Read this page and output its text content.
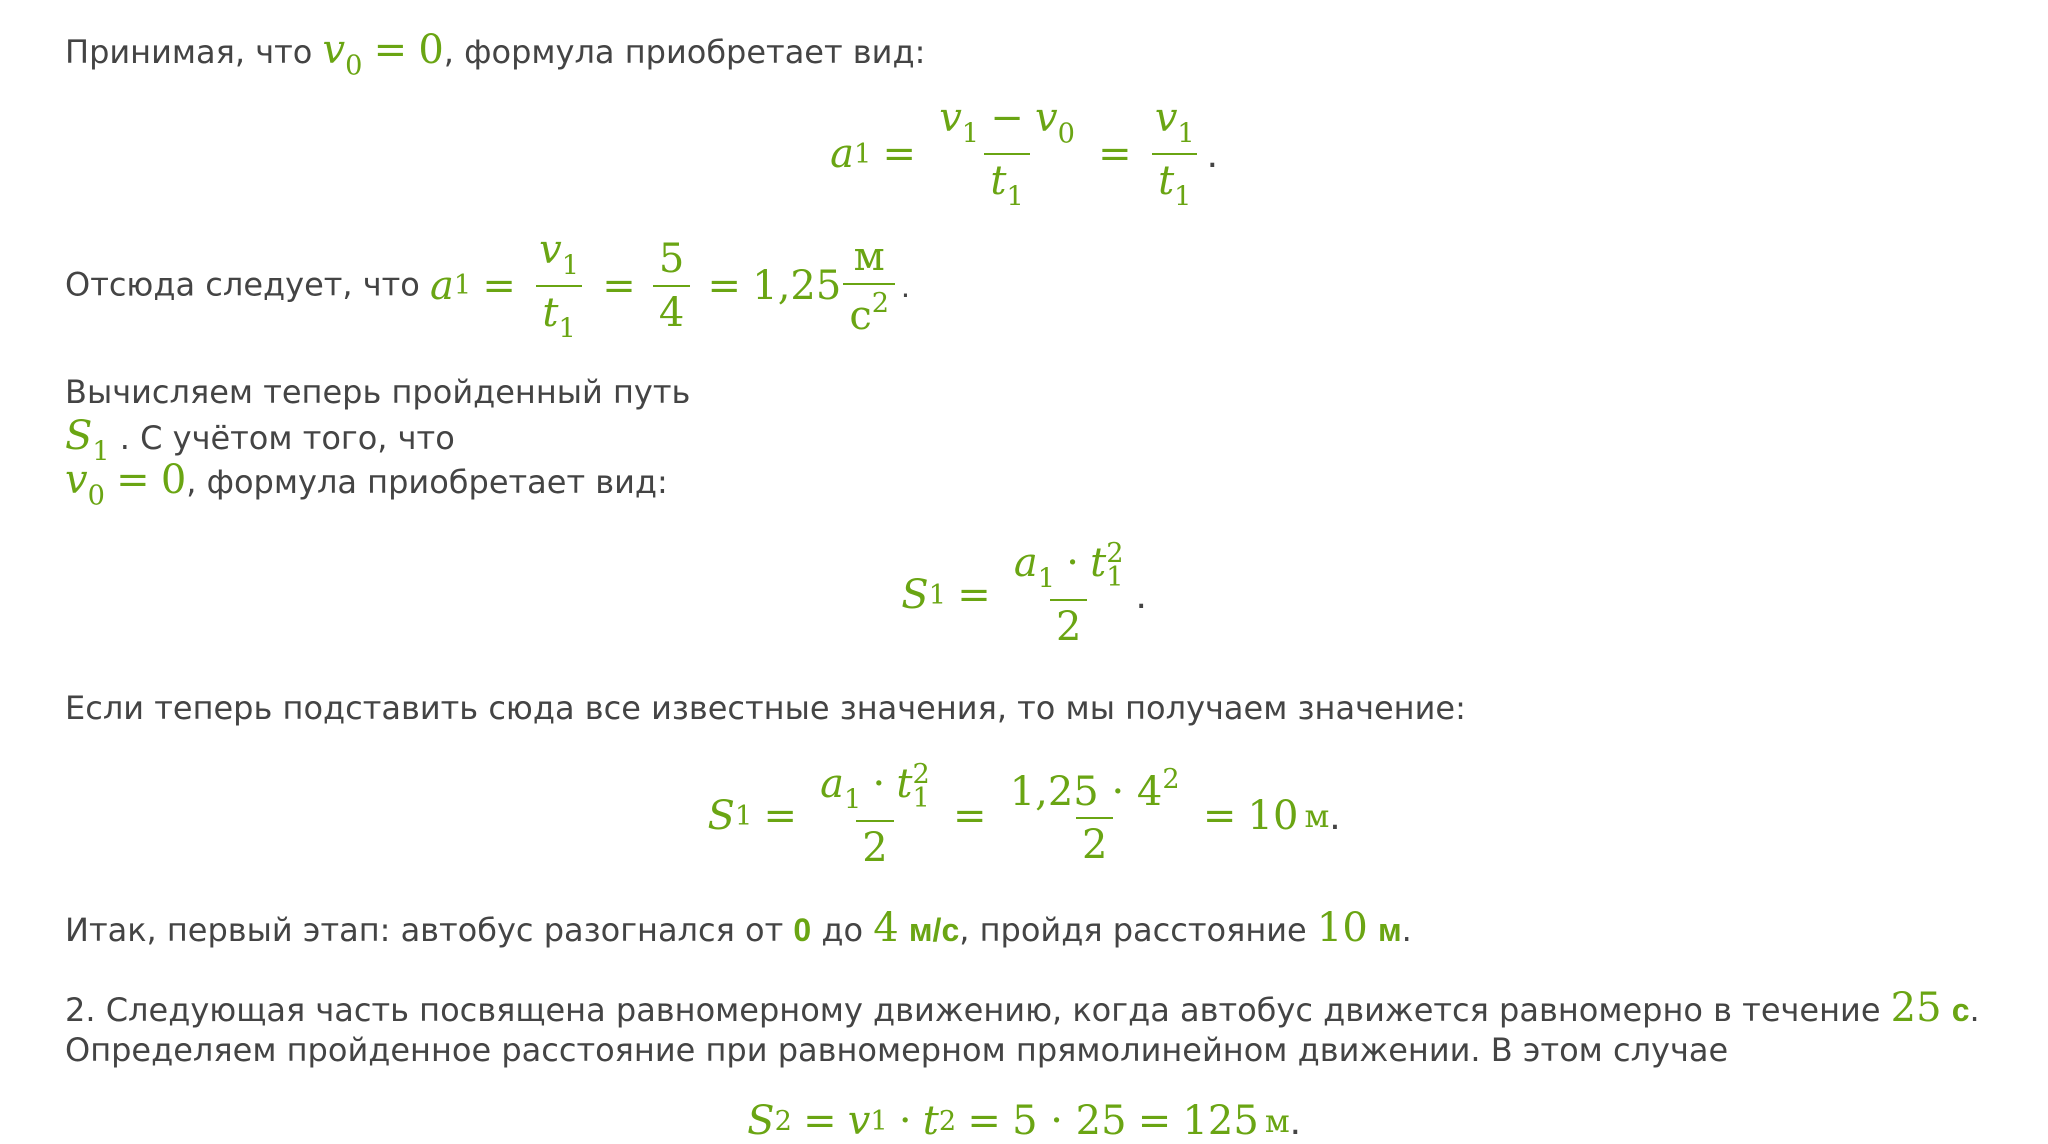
Принимая, что $v_0 = 0$, формула приобретает вид:
a $1 = \frac{v_1 - v_0}{t_1} = \frac{v_1}{t_1}$ .
Отсюда следует, что a $1 = \frac{v_1}{t_1} = \frac{5}{4} = 1,25 \frac{м}{с^2}$ .
Вычисляем теперь пройденный путь
$S_1$ . С учётом того, что
$v_0 = 0$, формула приобретает вид:
S $1 = a_1 \cdot t$ 2
1
2 .
Если теперь подставить сюда все известные значения, то мы получаем значение:
S $1 = a_1 \cdot t$ 2
1
$2 = \frac{1,25 \cdot 4^2}{2} = 10$ м .
Итак, первый этап: автобус разогнался от 0 до 4 м/с, пройдя расстояние 10 м.
2. Следующая часть посвящена равномерному движению, когда автобус движется равномерно в течение 25 с.
Определяем пройденное расстояние при равномерном прямолинейном движении. В этом случае
S 2 = v 1 · t 2 = 5 · 25 = 125 м .
